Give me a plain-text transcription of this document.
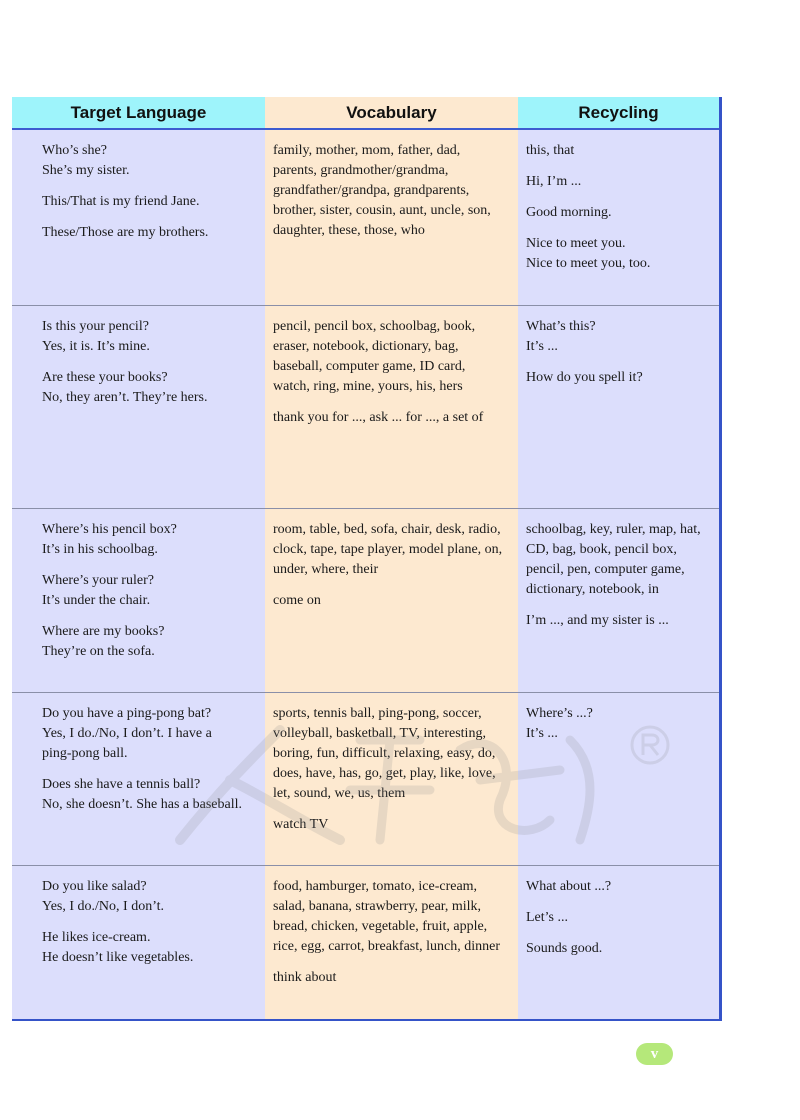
Target Language	Vocabulary	Recycling
Who’s she?
She’s my sister.
This/That is my friend Jane.
These/Those are my brothers.
family, mother, mom, father, dad,
parents, grandmother/grandma,
grandfather/grandpa, grandparents,
brother, sister, cousin, aunt, uncle, son,
daughter, these, those, who
this, that
Hi, I’m ...
Good morning.
Nice to meet you.
Nice to meet you, too.
Is this your pencil?
Yes, it is. It’s mine.
Are these your books?
No, they aren’t. They’re hers.
pencil, pencil box, schoolbag, book,
eraser, notebook, dictionary, bag,
baseball, computer game, ID card,
watch, ring, mine, yours, his, hers
thank you for ..., ask ... for ..., a set of
What’s this?
It’s ...
How do you spell it?
Where’s his pencil box?
It’s in his schoolbag.
Where’s your ruler?
It’s under the chair.
Where are my books?
They’re on the sofa.
room, table, bed, sofa, chair, desk, radio,
clock, tape, tape player, model plane, on,
under, where, their
come on
schoolbag, key, ruler, map, hat,
CD, bag, book, pencil box,
pencil, pen, computer game,
dictionary, notebook, in
I’m ..., and my sister is ...
Do you have a ping-pong bat?
Yes, I do./No, I don’t. I have a
ping-pong ball.
Does she have a tennis ball?
No, she doesn’t. She has a baseball.
sports, tennis ball, ping-pong, soccer,
volleyball, basketball, TV, interesting,
boring, fun, difficult, relaxing, easy, do,
does, have, has, go, get, play, like, love,
let, sound, we, us, them
watch TV
Where’s ...?
It’s ...
Do you like salad?
Yes, I do./No, I don’t.
He likes ice-cream.
He doesn’t like vegetables.
food, hamburger, tomato, ice-cream,
salad, banana, strawberry, pear, milk,
bread, chicken, vegetable, fruit, apple,
rice, egg, carrot, breakfast, lunch, dinner
think about
What about ...?
Let’s ...
Sounds good.
v
